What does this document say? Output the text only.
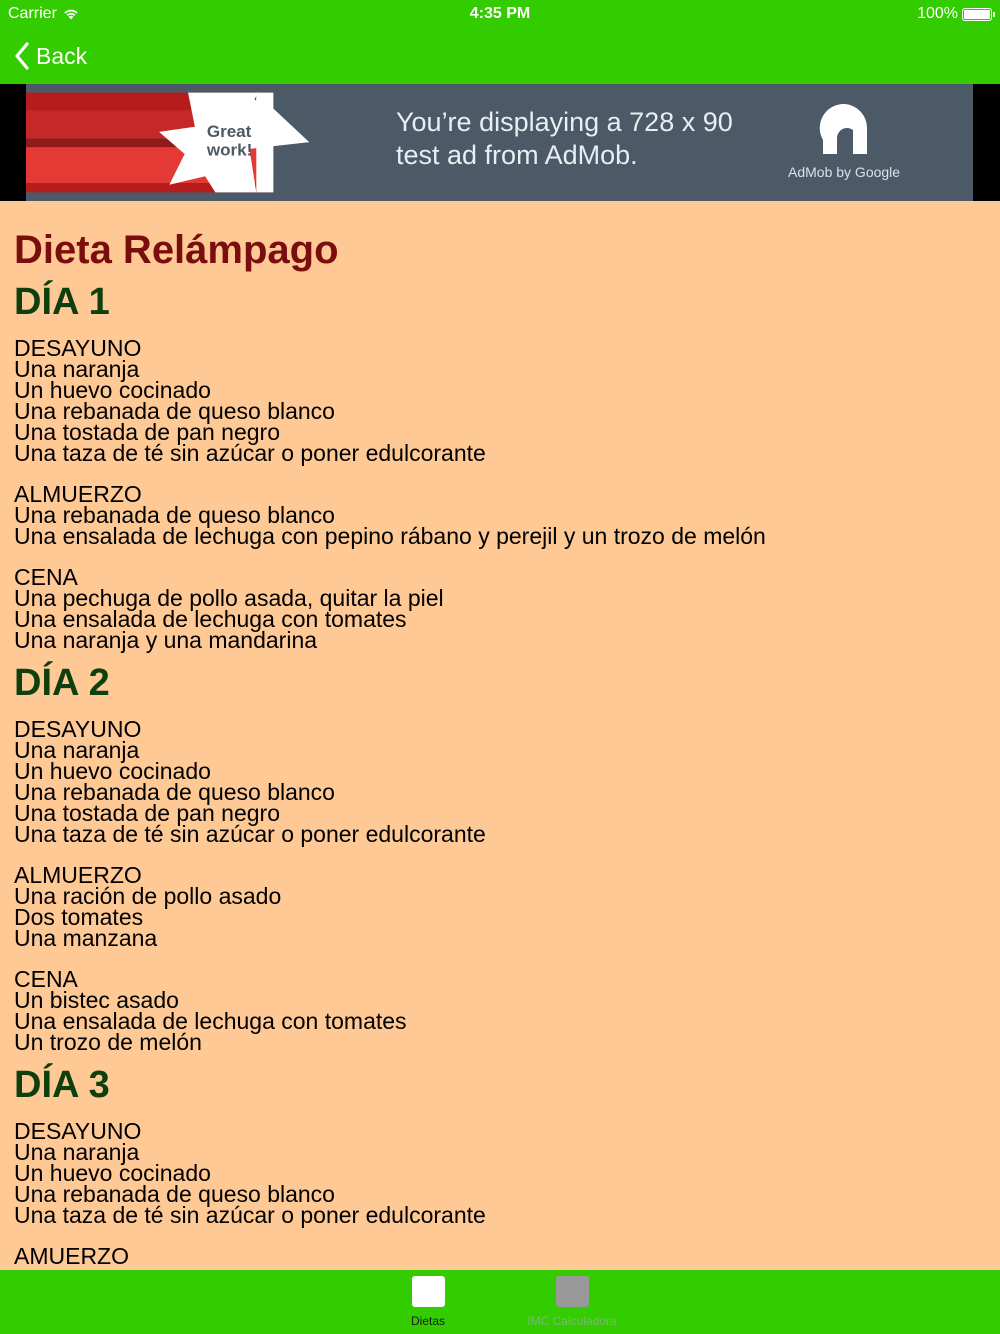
Carrier	4:35 PM	100%
Back
Great
work!
You’re displaying a 728 x 90
test ad from AdMob.
AdMob by Google
Dieta Relámpago
DÍA 1

DESAYUNO

Una naranja

Un huevo cocinado

Una rebanada de queso blanco

Una tostada de pan negro

Una taza de té sin azúcar o poner edulcorante

ALMUERZO

Una rebanada de queso blanco

Una ensalada de lechuga con pepino rábano y perejil y un trozo de melón

CENA

Una pechuga de pollo asada, quitar la piel

Una ensalada de lechuga con tomates

Una naranja y una mandarina

DÍA 2

DESAYUNO

Una naranja

Un huevo cocinado

Una rebanada de queso blanco

Una tostada de pan negro

Una taza de té sin azúcar o poner edulcorante

ALMUERZO

Una ración de pollo asado

Dos tomates

Una manzana

CENA

Un bistec asado

Una ensalada de lechuga con tomates

Un trozo de melón

DÍA 3

DESAYUNO

Una naranja

Un huevo cocinado

Una rebanada de queso blanco

Una taza de té sin azúcar o poner edulcorante

AMUERZO

Dietas	IMC Calculadora
